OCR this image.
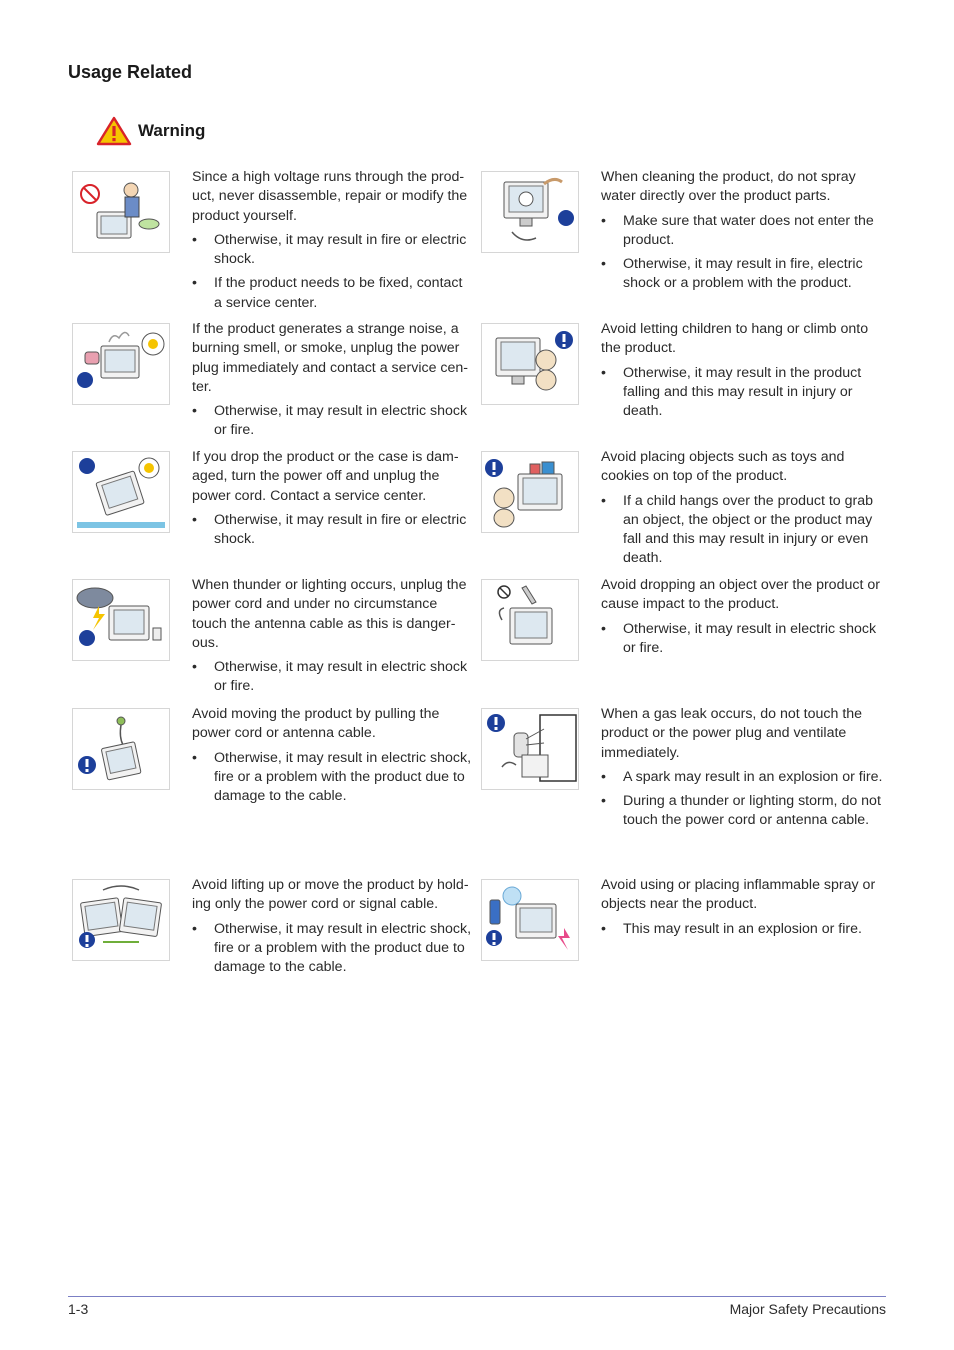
Usage Related
Warning

Since a high voltage runs through the prod-uct, never disassemble, repair or modify the product yourself.

• Otherwise, it may result in fire or electric shock.
• If the product needs to be fixed, contact a service center.

When cleaning the product, do not spray water directly over the product parts.

• Make sure that water does not enter the product.
• Otherwise, it may result in fire, electric shock or a problem with the product.

If the product generates a strange noise, a burning smell, or smoke, unplug the power plug immediately and contact a service cen-ter.

• Otherwise, it may result in electric shock or fire.

Avoid letting children to hang or climb onto the product.

• Otherwise, it may result in the product falling and this may result in injury or death.

If you drop the product or the case is dam-aged, turn the power off and unplug the power cord. Contact a service center.

• Otherwise, it may result in fire or electric shock.

Avoid placing objects such as toys and cookies on top of the product.

• If a child hangs over the product to grab an object, the object or the product may fall and this may result in injury or even death.

When thunder or lighting occurs, unplug the power cord and under no circumstance touch the antenna cable as this is danger-ous.

• Otherwise, it may result in electric shock or fire.

Avoid dropping an object over the product or cause impact to the product.

• Otherwise, it may result in electric shock or fire.

Avoid moving the product by pulling the power cord or antenna cable.

• Otherwise, it may result in electric shock, fire or a problem with the product due to damage to the cable.

When a gas leak occurs, do not touch the product or the power plug and ventilate immediately.

• A spark may result in an explosion or fire.
• During a thunder or lighting storm, do not touch the power cord or antenna cable.

Avoid lifting up or move the product by hold-ing only the power cord or signal cable.

• Otherwise, it may result in electric shock, fire or a problem with the product due to damage to the cable.

Avoid using or placing inflammable spray or objects near the product.

• This may result in an explosion or fire.
1-3	Major Safety Precautions
